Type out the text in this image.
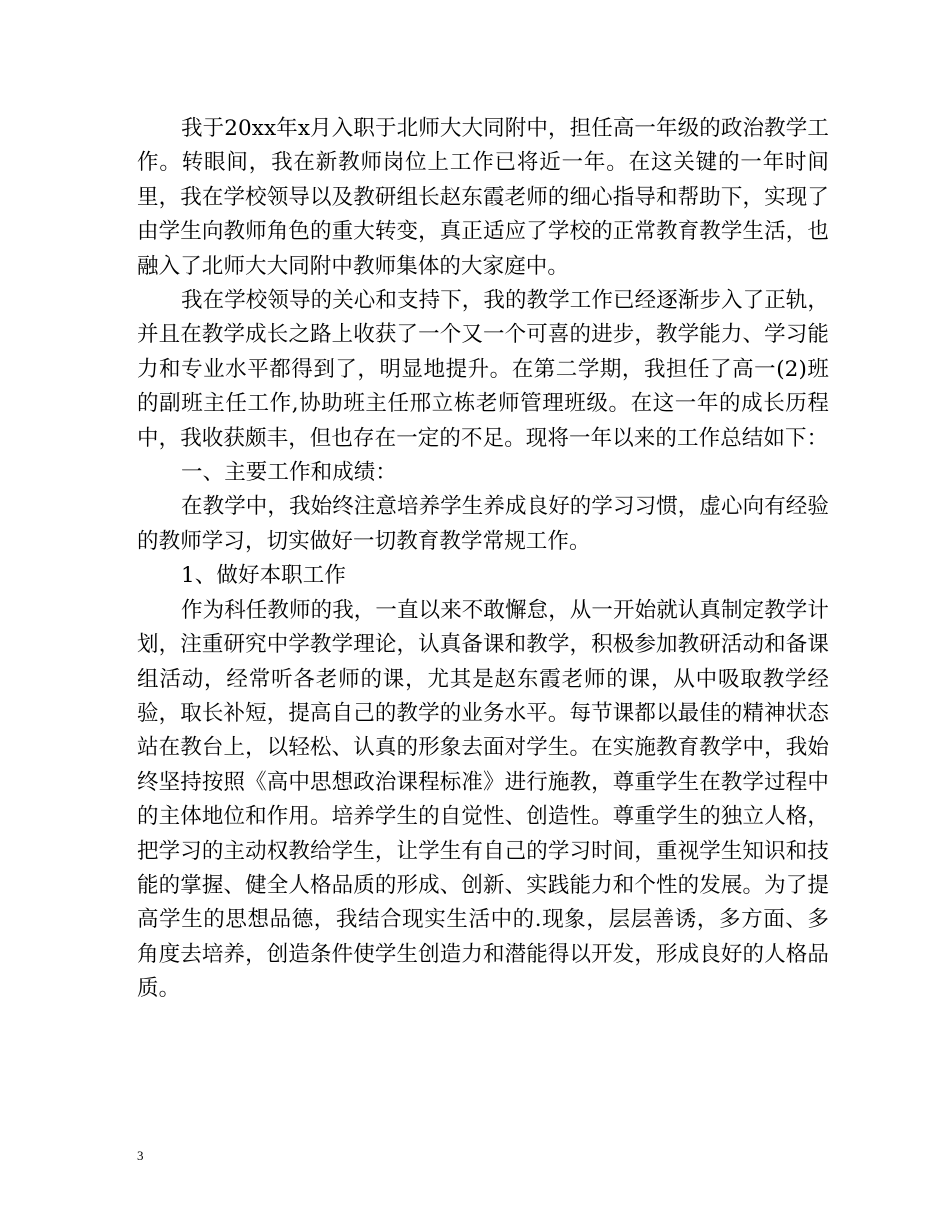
我于20xx年x月入职于北师大大同附中，担任高一年级的政治教学工作。转眼间，我在新教师岗位上工作已将近一年。在这关键的一年时间里，我在学校领导以及教研组长赵东霞老师的细心指导和帮助下，实现了由学生向教师角色的重大转变，真正适应了学校的正常教育教学生活，也融入了北师大大同附中教师集体的大家庭中。

我在学校领导的关心和支持下，我的教学工作已经逐渐步入了正轨，并且在教学成长之路上收获了一个又一个可喜的进步，教学能力、学习能力和专业水平都得到了，明显地提升。在第二学期，我担任了高一(2)班的副班主任工作,协助班主任邢立栋老师管理班级。在这一年的成长历程中，我收获颇丰，但也存在一定的不足。现将一年以来的工作总结如下：

一、主要工作和成绩：

在教学中，我始终注意培养学生养成良好的学习习惯，虚心向有经验的教师学习，切实做好一切教育教学常规工作。

1、做好本职工作

作为科任教师的我，一直以来不敢懈怠，从一开始就认真制定教学计划，注重研究中学教学理论，认真备课和教学，积极参加教研活动和备课组活动，经常听各老师的课，尤其是赵东霞老师的课，从中吸取教学经验，取长补短，提高自己的教学的业务水平。每节课都以最佳的精神状态站在教台上，以轻松、认真的形象去面对学生。在实施教育教学中，我始终坚持按照《高中思想政治课程标准》进行施教，尊重学生在教学过程中的主体地位和作用。培养学生的自觉性、创造性。尊重学生的独立人格，把学习的主动权教给学生，让学生有自己的学习时间，重视学生知识和技能的掌握、健全人格品质的形成、创新、实践能力和个性的发展。为了提高学生的思想品德，我结合现实生活中的.现象，层层善诱，多方面、多角度去培养，创造条件使学生创造力和潜能得以开发，形成良好的人格品质。

3
